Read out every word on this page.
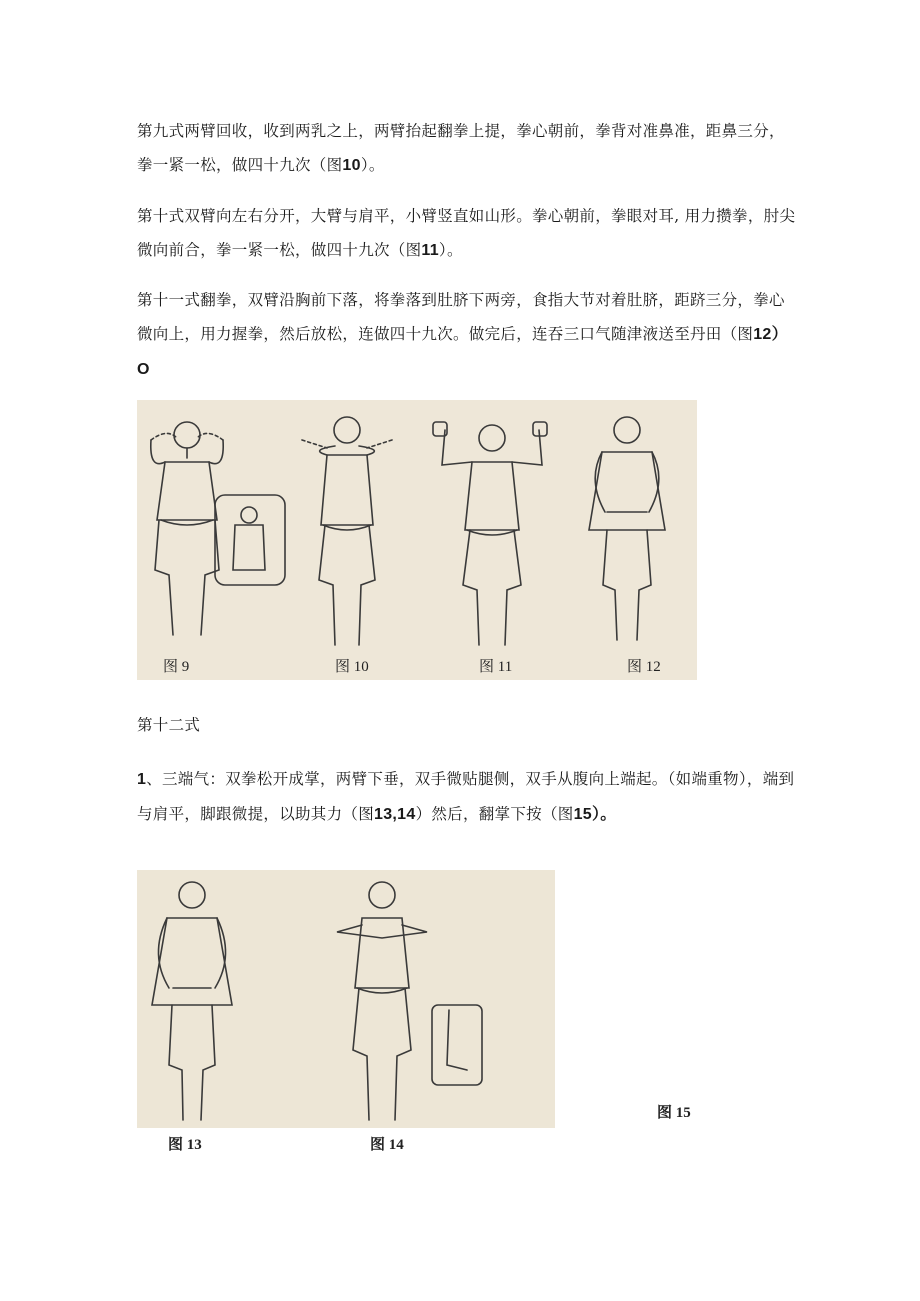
第九式两臂回收，收到两乳之上，两臂抬起翻拳上提，拳心朝前，拳背对准鼻准，距鼻三分，拳一紧一松，做四十九次（图10）。

第十式双臂向左右分开，大臂与肩平，小臂竖直如山形。拳心朝前，拳眼对耳, 用力攒拳，肘尖微向前合，拳一紧一松，做四十九次（图11）。

第十一式翻拳，双臂沿胸前下落，将拳落到肚脐下两旁，食指大节对着肚脐，距跻三分，拳心微向上，用力握拳，然后放松，连做四十九次。做完后，连吞三口气随津液送至丹田（图12）O

图 9	图 10	图 11	图 12

第十二式

1、三端气：双拳松开成掌，两臂下垂，双手微贴腿侧，双手从腹向上端起。（如端重物），端到与肩平，脚跟微提，以助其力（图13,14）然后，翻掌下按（图15）。

图 13	图 14
图 15
